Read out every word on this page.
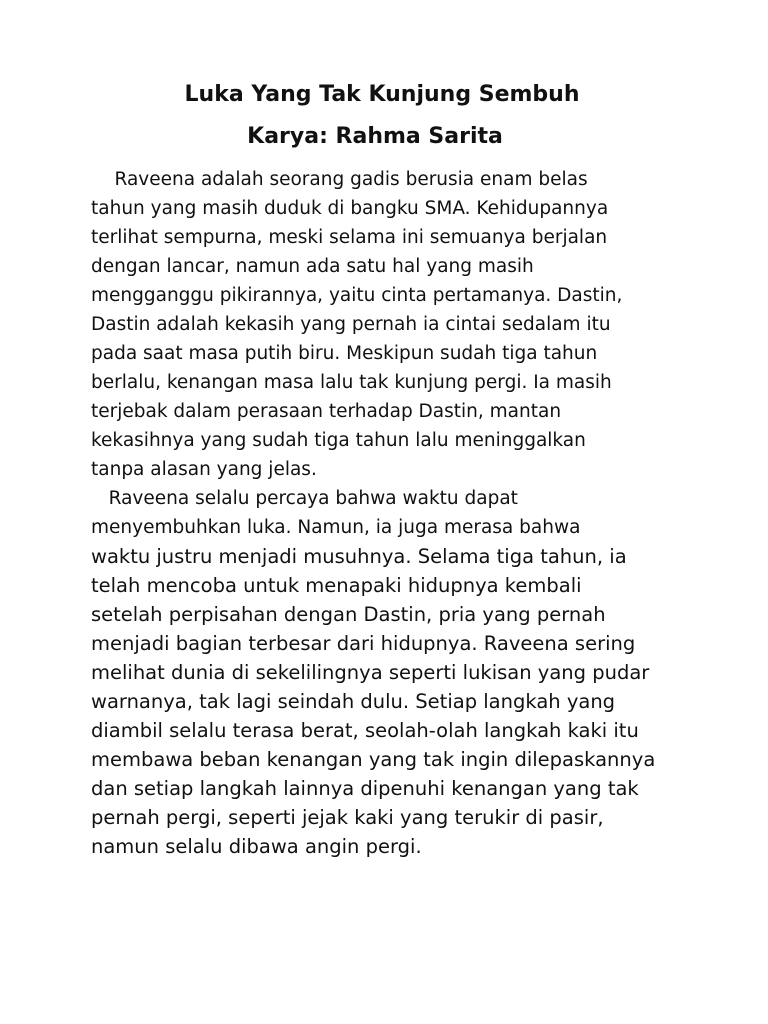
Luka Yang Tak Kunjung Sembuh
Karya: Rahma Sarita
Raveena adalah seorang gadis berusia enam belas
tahun yang masih duduk di bangku SMA. Kehidupannya
terlihat sempurna, meski selama ini semuanya berjalan
dengan lancar, namun ada satu hal yang masih
mengganggu pikirannya, yaitu cinta pertamanya. Dastin,
Dastin adalah kekasih yang pernah ia cintai sedalam itu
pada saat masa putih biru. Meskipun sudah tiga tahun
berlalu, kenangan masa lalu tak kunjung pergi. Ia masih
terjebak dalam perasaan terhadap Dastin, mantan
kekasihnya yang sudah tiga tahun lalu meninggalkan
tanpa alasan yang jelas.
Raveena selalu percaya bahwa waktu dapat
menyembuhkan luka. Namun, ia juga merasa bahwa
waktu justru menjadi musuhnya. Selama tiga tahun, ia
telah mencoba untuk menapaki hidupnya kembali
setelah perpisahan dengan Dastin, pria yang pernah
menjadi bagian terbesar dari hidupnya. Raveena sering
melihat dunia di sekelilingnya seperti lukisan yang pudar
warnanya, tak lagi seindah dulu. Setiap langkah yang
diambil selalu terasa berat, seolah-olah langkah kaki itu
membawa beban kenangan yang tak ingin dilepaskannya
dan setiap langkah lainnya dipenuhi kenangan yang tak
pernah pergi, seperti jejak kaki yang terukir di pasir,
namun selalu dibawa angin pergi.
